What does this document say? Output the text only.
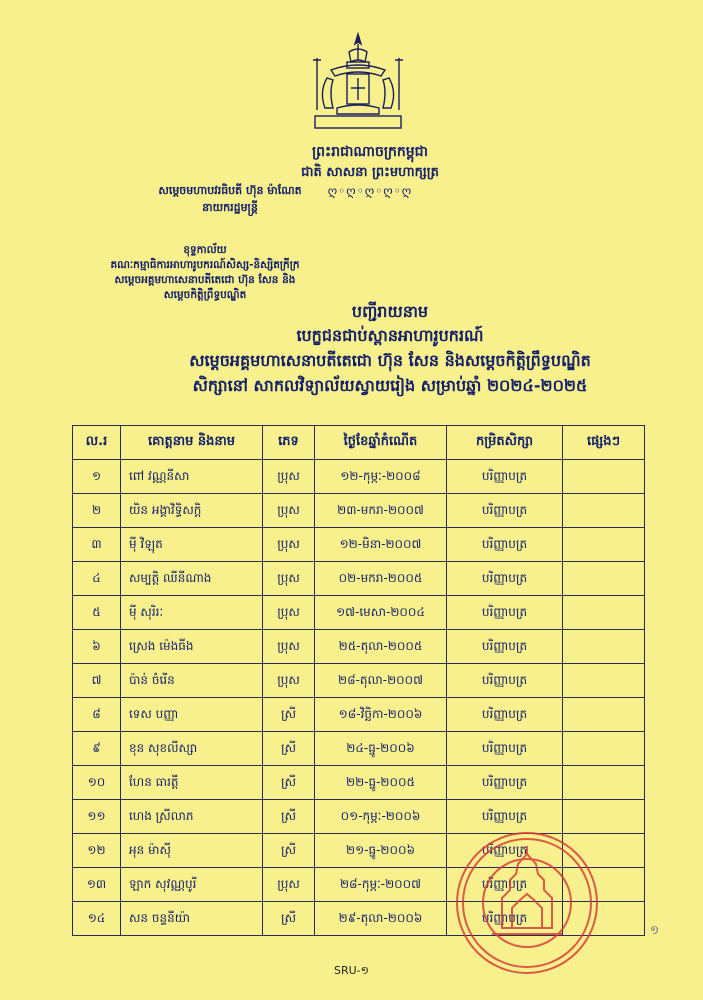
ព្រះរាជាណាចក្រកម្ពុជា
ជាតិ សាសនា ព្រះមហាក្សត្រ
ღ◦ღ◦ღ◦ღ◦ღ
សម្តេចមហាបវរធិបតី ហ៊ុន ម៉ាណែត
នាយករដ្ឋមន្ត្រី
ខុទ្ទកាល័យ
គណៈកម្មាធិការអាហារូបករណ៍សិស្ស-និស្សិតក្រីក្រ
សម្តេចអគ្គមហាសេនាបតីតេជោ ហ៊ុន សែន និង
សម្តេចកិត្តិព្រឹទ្ធបណ្ឌិត
បញ្ជីរាយនាម
បេក្ខជនជាប់ស្ពានអាហារូបករណ៍
សម្តេចអគ្គមហាសេនាបតីតេជោ ហ៊ុន សែន និងសម្តេចកិត្តិព្រឹទ្ធបណ្ឌិត
សិក្សានៅ សាកលវិទ្យាល័យស្វាយរៀង សម្រាប់ឆ្នាំ ២០២៤-២០២៥
ល.រ	គោត្តនាម និងនាម	ភេទ	ថ្ងៃខែឆ្នាំកំណើត	កម្រិតសិក្សា	ផ្សេងៗ
១	ពៅ វណ្ណនីសា	ប្រុស	១២-កុម្ភៈ-២០០៨	បរិញ្ញាបត្រ	
២	យិន អង្គាវិទ្ធិសក្តិ	ប្រុស	២៣-មករា-២០០៧	បរិញ្ញាបត្រ	
៣	ម៉ី វិឡុត	ប្រុស	១២-មិនា-២០០៧	បរិញ្ញាបត្រ	
៤	សម្បត្តិ ឈីនីណាង	ប្រុស	០២-មករា-២០០៥	បរិញ្ញាបត្រ	
៥	ម៉ី សុរិរៈ	ប្រុស	១៧-មេសា-២០០៤	បរិញ្ញាបត្រ	
៦	ស្រេង ម៉េងធីង	ប្រុស	២៥-តុលា-២០០៥	បរិញ្ញាបត្រ	
៧	ប៉ាន់ ចំរើន	ប្រុស	២៨-តុលា-២០០៧	បរិញ្ញាបត្រ	
៨	ទេស បញ្ញា	ស្រី	១៨-វិច្ឆិកា-២០០៦	បរិញ្ញាបត្រ	
៩	ខុន សុខលីស្សា	ស្រី	២៤-ធ្នូ-២០០៦	បរិញ្ញាបត្រ	
១០	ហែន ធារត្តី	ស្រី	២២-ធ្នូ-២០០៥	បរិញ្ញាបត្រ	
១១	ហេង ស្រីលាភ	ស្រី	០១-កុម្ភៈ-២០០៦	បរិញ្ញាបត្រ	
១២	អុន ម៉ាស៊ី	ស្រី	២១-ធ្នូ-២០០៦	បរិញ្ញាបត្រ	
១៣	ឡាក សុវណ្ណបូរី	ប្រុស	២៨-កុម្ភៈ-២០០៧	បរិញ្ញាបត្រ	
១៤	សន ចន្ទនីយ៉ា	ស្រី	២៩-តុលា-២០០៦	បរិញ្ញាបត្រ	
១
SRU-១
